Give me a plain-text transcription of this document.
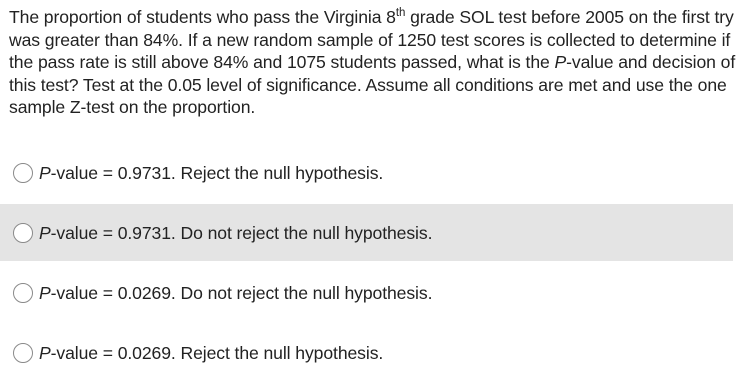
The proportion of students who pass the Virginia 8th grade SOL test before 2005 on the first try was greater than 84%. If a new random sample of 1250 test scores is collected to determine if the pass rate is still above 84% and 1075 students passed, what is the P-value and decision of this test? Test at the 0.05 level of significance. Assume all conditions are met and use the one sample Z-test on the proportion.

P-value = 0.9731. Reject the null hypothesis.
P-value = 0.9731. Do not reject the null hypothesis.
P-value = 0.0269. Do not reject the null hypothesis.
P-value = 0.0269. Reject the null hypothesis.
